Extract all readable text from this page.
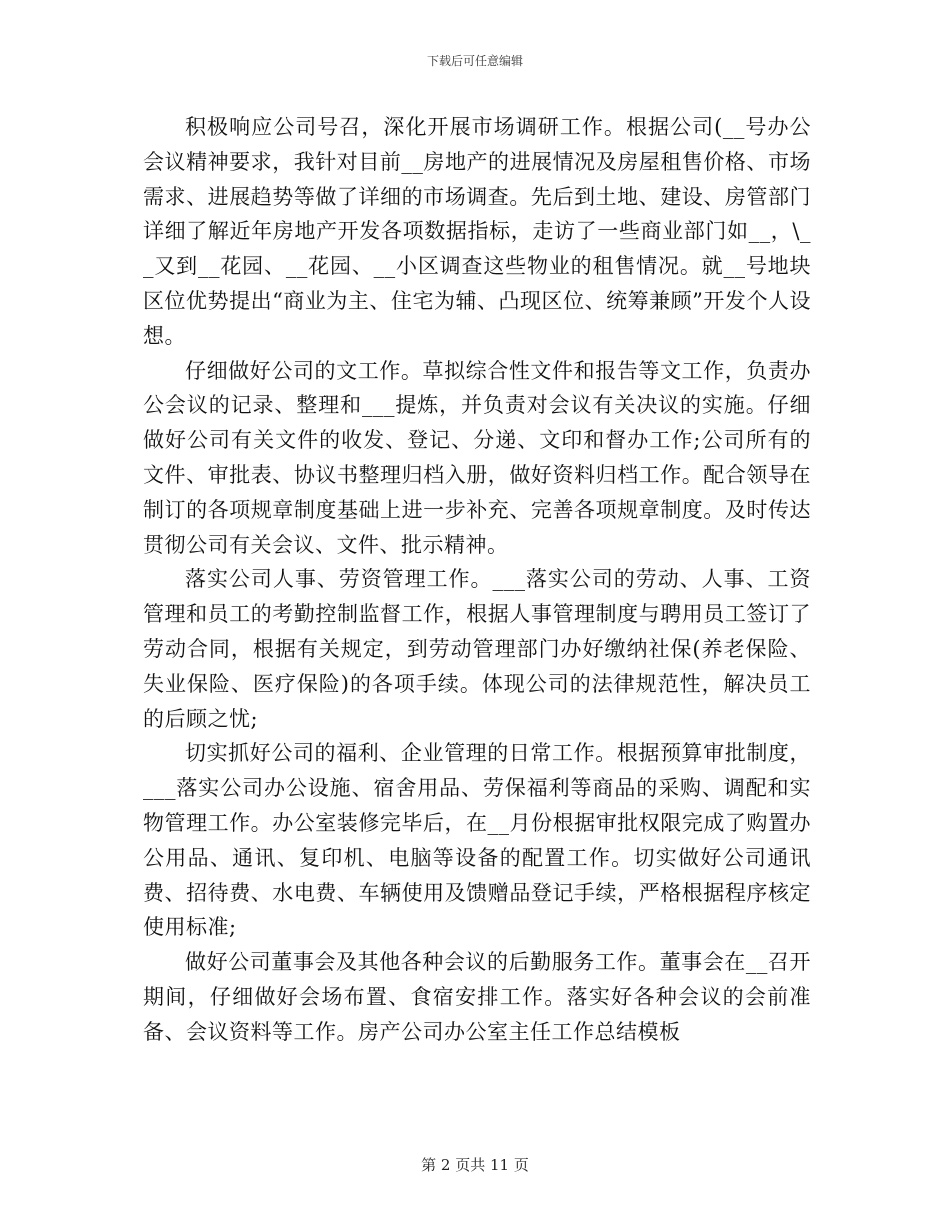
下载后可任意编辑

积极响应公司号召，深化开展市场调研工作。根据公司(__号办公会议精神要求，我针对目前__房地产的进展情况及房屋租售价格、市场需求、进展趋势等做了详细的市场调查。先后到土地、建设、房管部门详细了解近年房地产开发各项数据指标，走访了一些商业部门如__，\__又到__花园、__花园、__小区调查这些物业的租售情况。就__号地块区位优势提出“商业为主、住宅为辅、凸现区位、统筹兼顾”开发个人设想。

仔细做好公司的文工作。草拟综合性文件和报告等文工作，负责办公会议的记录、整理和___提炼，并负责对会议有关决议的实施。仔细做好公司有关文件的收发、登记、分递、文印和督办工作;公司所有的文件、审批表、协议书整理归档入册，做好资料归档工作。配合领导在制订的各项规章制度基础上进一步补充、完善各项规章制度。及时传达贯彻公司有关会议、文件、批示精神。

落实公司人事、劳资管理工作。___落实公司的劳动、人事、工资管理和员工的考勤控制监督工作，根据人事管理制度与聘用员工签订了劳动合同，根据有关规定，到劳动管理部门办好缴纳社保(养老保险、失业保险、医疗保险)的各项手续。体现公司的法律规范性，解决员工的后顾之忧;

切实抓好公司的福利、企业管理的日常工作。根据预算审批制度，___落实公司办公设施、宿舍用品、劳保福利等商品的采购、调配和实物管理工作。办公室装修完毕后，在__月份根据审批权限完成了购置办公用品、通讯、复印机、电脑等设备的配置工作。切实做好公司通讯费、招待费、水电费、车辆使用及馈赠品登记手续，严格根据程序核定使用标准;

做好公司董事会及其他各种会议的后勤服务工作。董事会在__召开期间，仔细做好会场布置、食宿安排工作。落实好各种会议的会前准备、会议资料等工作。房产公司办公室主任工作总结模板

第 2 页共 11 页
